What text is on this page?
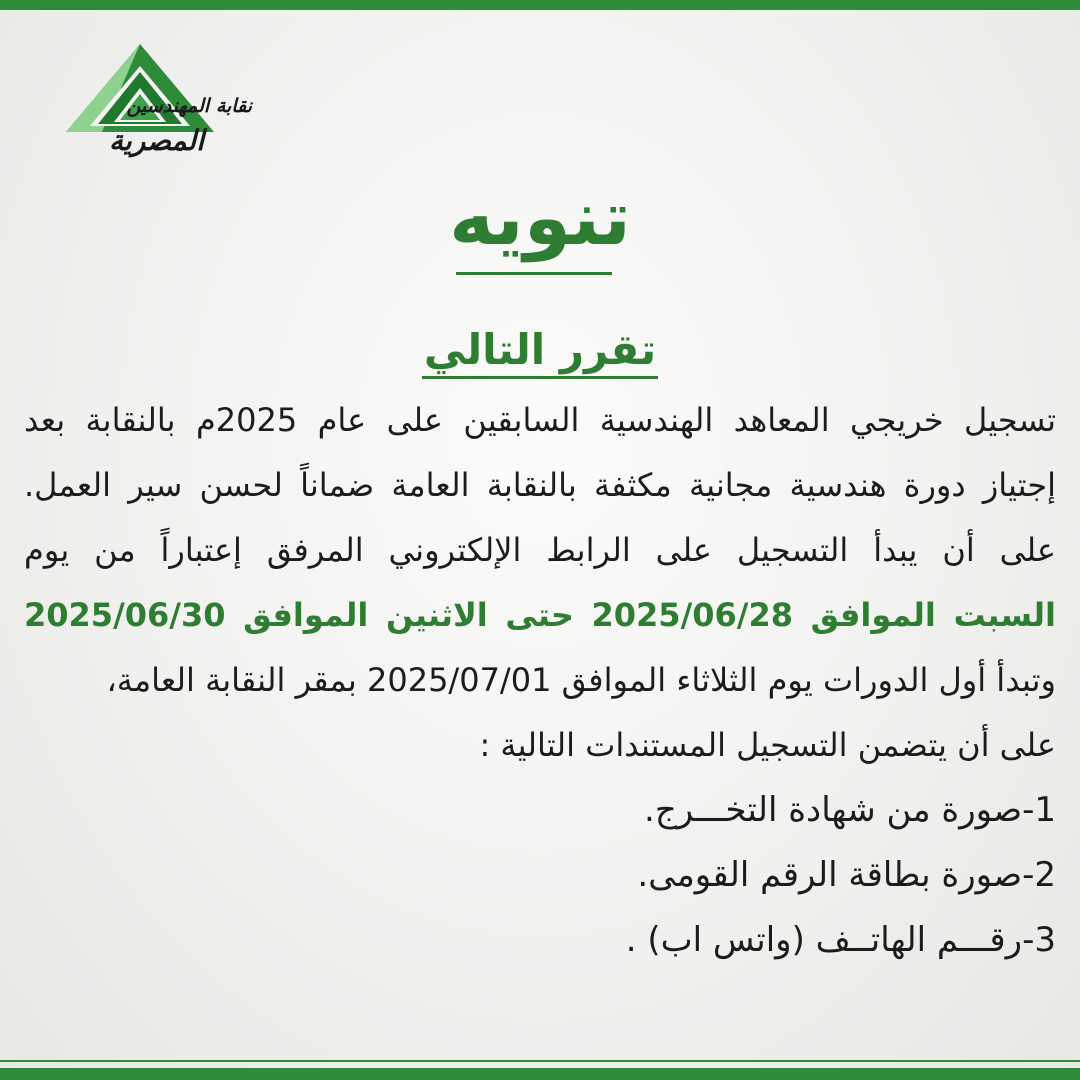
نقابة المهندسين
المصرية
تنويه
تقرر التالي
تسجيل خريجي المعاهد الهندسية السابقين على عام 2025م بالنقابة بعد
إجتياز دورة هندسية مجانية مكثفة بالنقابة العامة ضماناً لحسن سير العمل.
على أن يبدأ التسجيل على الرابط الإلكتروني المرفق إعتباراً من يوم
السبت الموافق 2025/06/28 حتى الاثنين الموافق 2025/06/30
وتبدأ أول الدورات يوم الثلاثاء الموافق 2025/07/01 بمقر النقابة العامة،
على أن يتضمن التسجيل المستندات التالية :
1-صورة من شهادة التخـــرج.
2-صورة بطاقة الرقم القومى.
3-رقـــم الهاتــف (واتس اب) .
